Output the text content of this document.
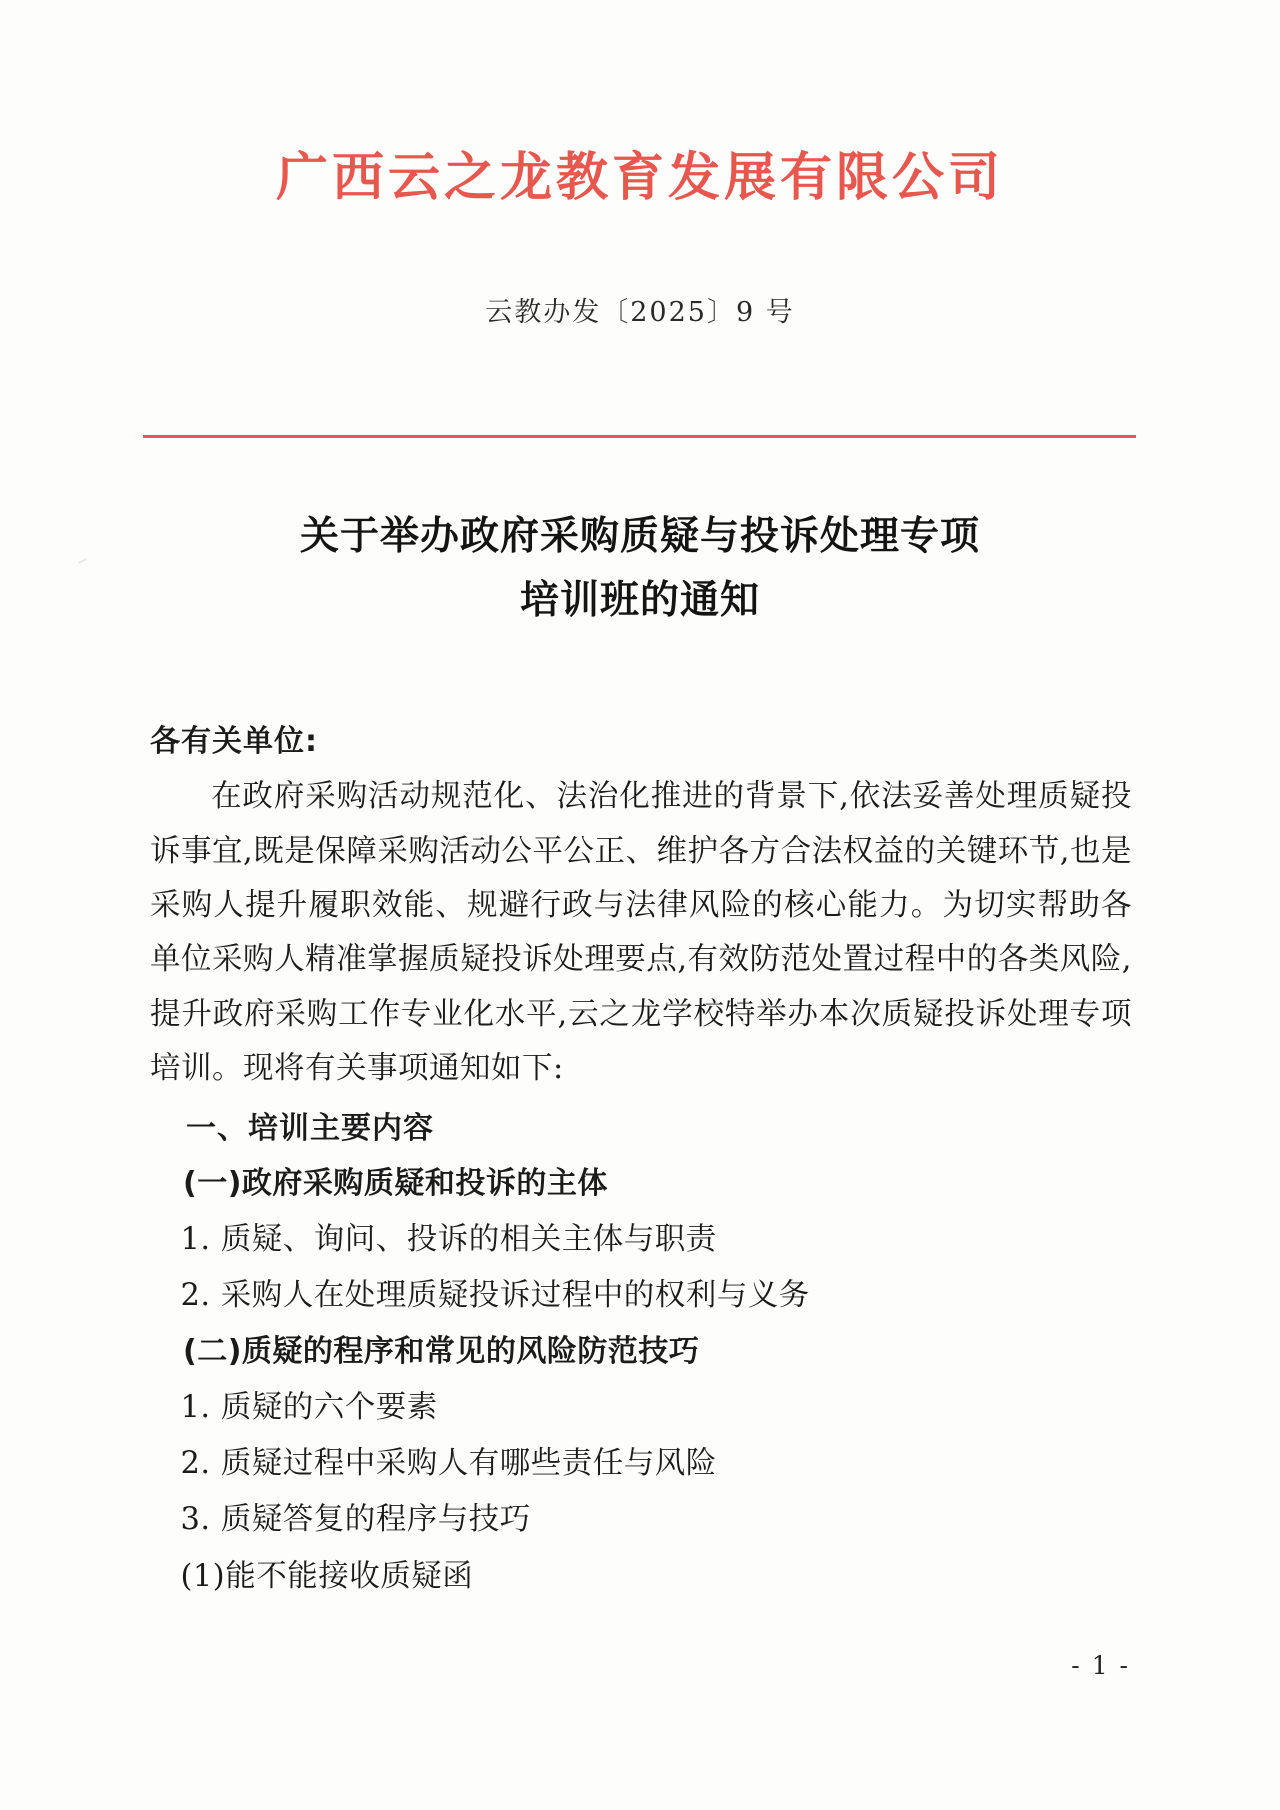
广西云之龙教育发展有限公司
云教办发〔2025〕9 号
关于举办政府采购质疑与投诉处理专项
培训班的通知

各有关单位:

在政府采购活动规范化、法治化推进的背景下,依法妥善处理质疑投诉事宜,既是保障采购活动公平公正、维护各方合法权益的关键环节,也是采购人提升履职效能、规避行政与法律风险的核心能力。为切实帮助各单位采购人精准掌握质疑投诉处理要点,有效防范处置过程中的各类风险,提升政府采购工作专业化水平,云之龙学校特举办本次质疑投诉处理专项培训。现将有关事项通知如下:

一、培训主要内容

(一)政府采购质疑和投诉的主体

1. 质疑、询问、投诉的相关主体与职责

2. 采购人在处理质疑投诉过程中的权利与义务

(二)质疑的程序和常见的风险防范技巧

1. 质疑的六个要素

2. 质疑过程中采购人有哪些责任与风险

3. 质疑答复的程序与技巧

(1)能不能接收质疑函

- 1 -
